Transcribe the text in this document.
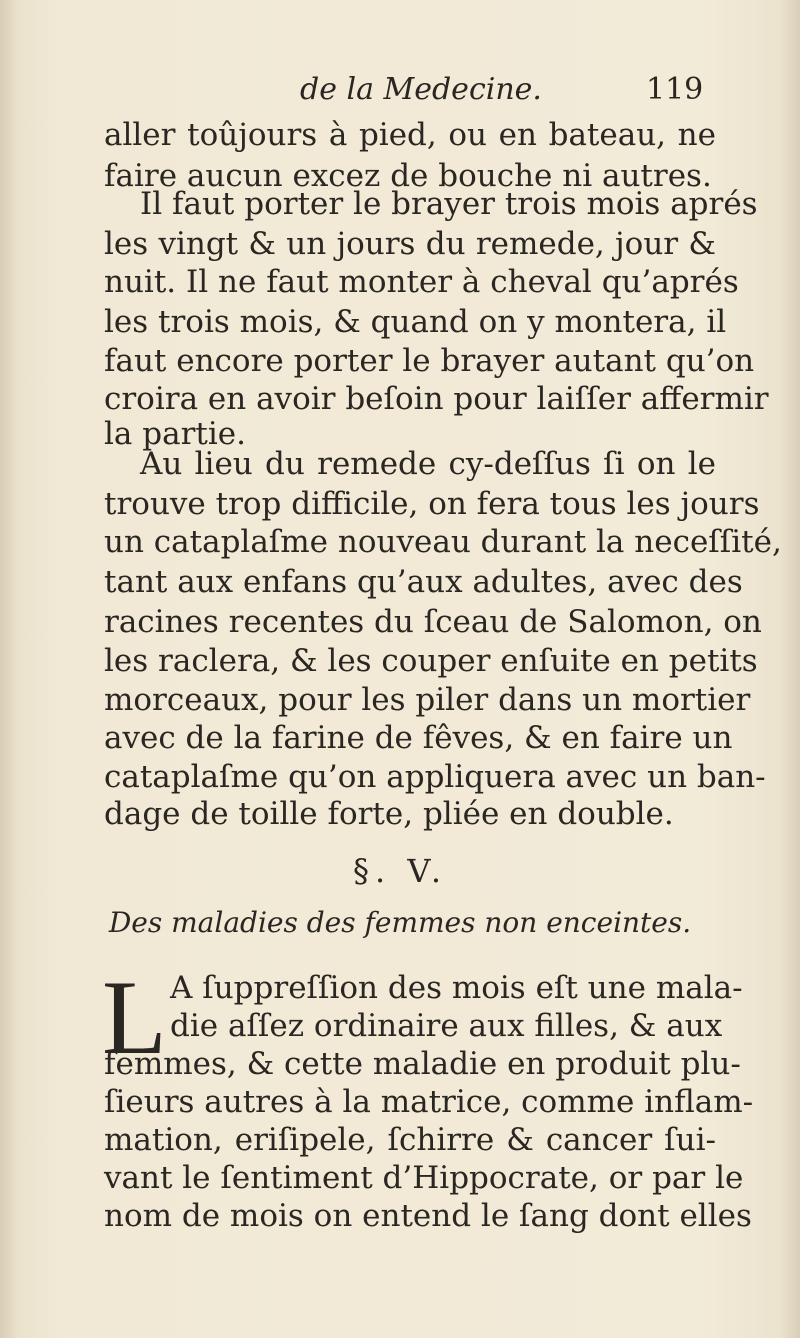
de la Medecine.	119
aller toûjours à pied, ou en bateau, ne
faire aucun excez de bouche ni autres.
Il faut porter le brayer trois mois aprés
les vingt & un jours du remede, jour &
nuit. Il ne faut monter à cheval qu’aprés
les trois mois, & quand on y montera, il
faut encore porter le brayer autant qu’on
croira en avoir beſoin pour laiſſer affermir
la partie.
Au lieu du remede cy-deſſus ſi on le
trouve trop difficile, on fera tous les jours
un cataplaſme nouveau durant la neceſſité,
tant aux enfans qu’aux adultes, avec des
racines recentes du ſceau de Salomon, on
les raclera, & les couper enſuite en petits
morceaux, pour les piler dans un mortier
avec de la farine de fêves, & en faire un
cataplaſme qu’on appliquera avec un ban-
dage de toille forte, pliée en double.
§. V.
Des maladies des femmes non enceintes.
L A ſuppreſſion des mois eſt une mala-
die aſſez ordinaire aux filles, & aux
femmes, & cette maladie en produit plu-
ſieurs autres à la matrice, comme inflam-
mation, eriſipele, ſchirre & cancer ſui-
vant le ſentiment d’Hippocrate, or par le
nom de mois on entend le ſang dont elles
